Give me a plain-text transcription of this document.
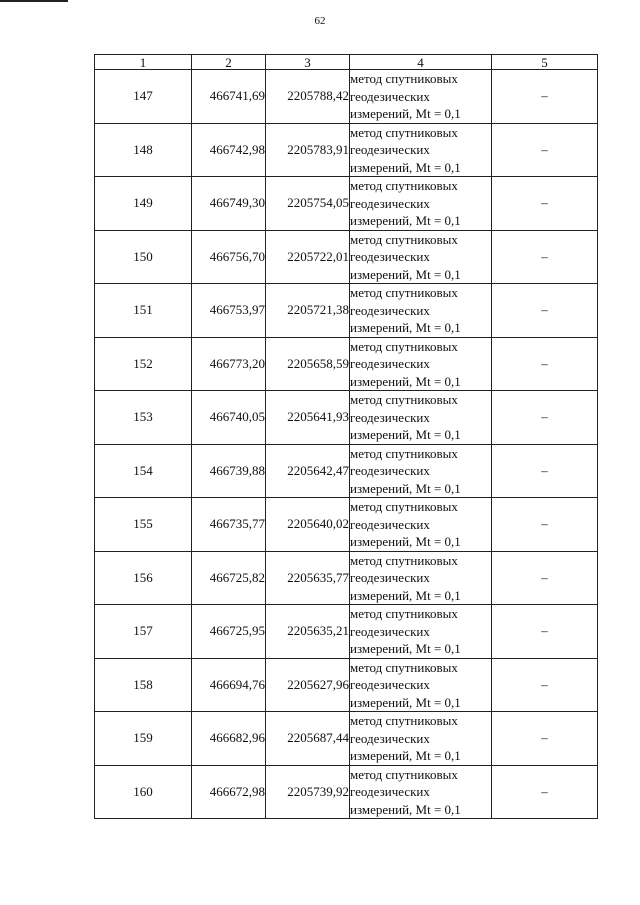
62
1	2	3	4	5
147	466741,69	2205788,42	метод спутниковых
геодезических
измерений, Mt = 0,1	–
148	466742,98	2205783,91	метод спутниковых
геодезических
измерений, Mt = 0,1	–
149	466749,30	2205754,05	метод спутниковых
геодезических
измерений, Mt = 0,1	–
150	466756,70	2205722,01	метод спутниковых
геодезических
измерений, Mt = 0,1	–
151	466753,97	2205721,38	метод спутниковых
геодезических
измерений, Mt = 0,1	–
152	466773,20	2205658,59	метод спутниковых
геодезических
измерений, Mt = 0,1	–
153	466740,05	2205641,93	метод спутниковых
геодезических
измерений, Mt = 0,1	–
154	466739,88	2205642,47	метод спутниковых
геодезических
измерений, Mt = 0,1	–
155	466735,77	2205640,02	метод спутниковых
геодезических
измерений, Mt = 0,1	–
156	466725,82	2205635,77	метод спутниковых
геодезических
измерений, Mt = 0,1	–
157	466725,95	2205635,21	метод спутниковых
геодезических
измерений, Mt = 0,1	–
158	466694,76	2205627,96	метод спутниковых
геодезических
измерений, Mt = 0,1	–
159	466682,96	2205687,44	метод спутниковых
геодезических
измерений, Mt = 0,1	–
160	466672,98	2205739,92	метод спутниковых
геодезических
измерений, Mt = 0,1	–
